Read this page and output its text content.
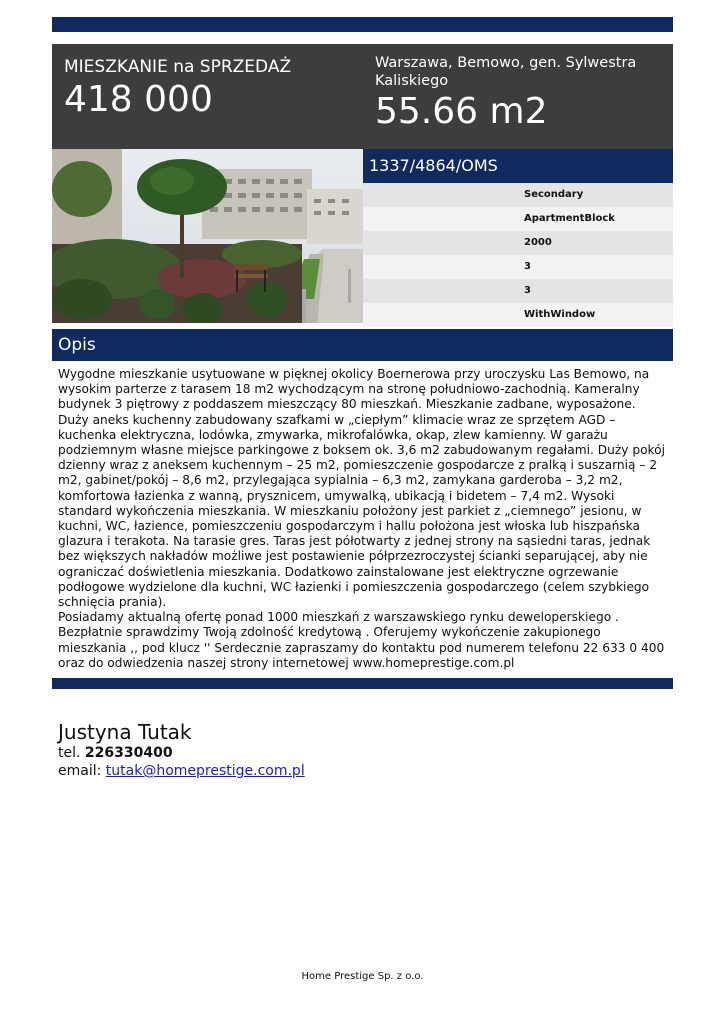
MIESZKANIE na SPRZEDAŻ
418 000
Warszawa, Bemowo, gen. Sylwestra Kaliskiego
55.66 m2
1337/4864/OMS
Secondary
ApartmentBlock
2000
3
3
WithWindow
Opis
Wygodne mieszkanie usytuowane w pięknej okolicy Boernerowa przy uroczysku Las Bemowo, na
wysokim parterze z tarasem 18 m2 wychodzącym na stronę południowo-zachodnią. Kameralny
budynek 3 piętrowy z poddaszem mieszczący 80 mieszkań. Mieszkanie zadbane, wyposażone.
Duży aneks kuchenny zabudowany szafkami w „ciepłym” klimacie wraz ze sprzętem AGD –
kuchenka elektryczna, lodówka, zmywarka, mikrofalówka, okap, zlew kamienny. W garażu
podziemnym własne miejsce parkingowe z boksem ok. 3,6 m2 zabudowanym regałami. Duży pokój
dzienny wraz z aneksem kuchennym – 25 m2, pomieszczenie gospodarcze z pralką i suszarnią – 2
m2, gabinet/pokój – 8,6 m2, przylegająca sypialnia – 6,3 m2, zamykana garderoba – 3,2 m2,
komfortowa łazienka z wanną, prysznicem, umywalką, ubikacją i bidetem – 7,4 m2. Wysoki
standard wykończenia mieszkania. W mieszkaniu położony jest parkiet z „ciemnego” jesionu, w
kuchni, WC, łazience, pomieszczeniu gospodarczym i hallu położona jest włoska lub hiszpańska
glazura i terakota. Na tarasie gres. Taras jest półotwarty z jednej strony na sąsiedni taras, jednak
bez większych nakładów możliwe jest postawienie półprzezroczystej ścianki separującej, aby nie
ograniczać doświetlenia mieszkania. Dodatkowo zainstalowane jest elektryczne ogrzewanie
podłogowe wydzielone dla kuchni, WC łazienki i pomieszczenia gospodarczego (celem szybkiego
schnięcia prania).
Posiadamy aktualną ofertę ponad 1000 mieszkań z warszawskiego rynku deweloperskiego .
Bezpłatnie sprawdzimy Twoją zdolność kredytową . Oferujemy wykończenie zakupionego
mieszkania ,, pod klucz '' Serdecznie zapraszamy do kontaktu pod numerem telefonu 22 633 0 400
oraz do odwiedzenia naszej strony internetowej www.homeprestige.com.pl
Justyna Tutak
tel. 226330400
email: tutak@homeprestige.com.pl
Home Prestige Sp. z o.o.
